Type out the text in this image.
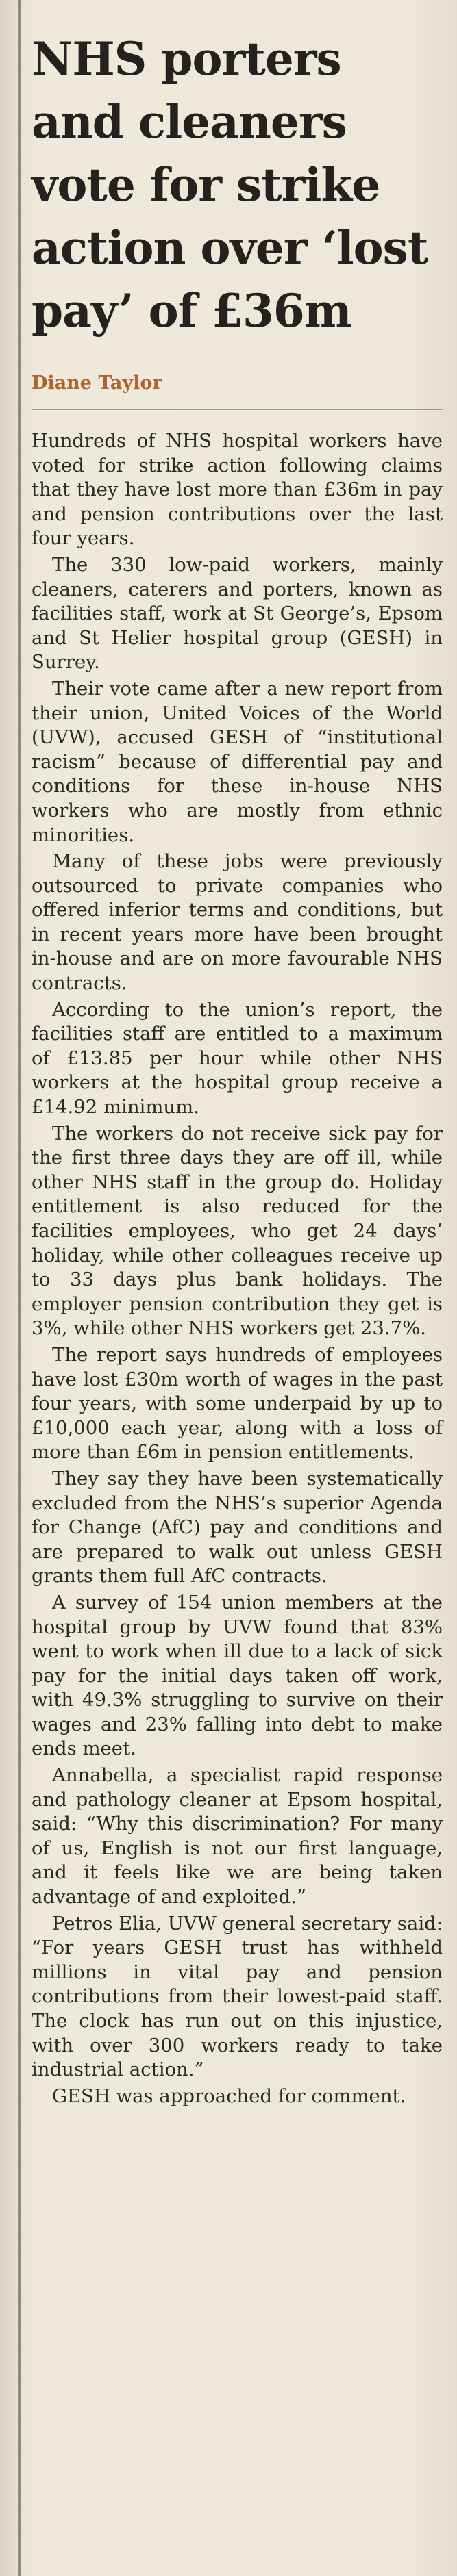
NHS porters and cleaners vote for strike action over ‘lost pay’ of £36m
Diane Taylor

Hundreds of NHS hospital workers have voted for strike action following claims that they have lost more than £36m in pay and pension contributions over the last four years.

The 330 low-paid workers, mainly cleaners, caterers and porters, known as facilities staff, work at St George’s, Epsom and St Helier hospital group (GESH) in Surrey.

Their vote came after a new report from their union, United Voices of the World (UVW), accused GESH of “institutional racism” because of differential pay and conditions for these in-house NHS workers who are mostly from ethnic minorities.

Many of these jobs were previously outsourced to private companies who offered inferior terms and conditions, but in recent years more have been brought in-house and are on more favourable NHS contracts.

According to the union’s report, the facilities staff are entitled to a maximum of £13.85 per hour while other NHS workers at the hospital group receive a £14.92 minimum.

The workers do not receive sick pay for the first three days they are off ill, while other NHS staff in the group do. Holiday entitlement is also reduced for the facilities employees, who get 24 days’ holiday, while other colleagues receive up to 33 days plus bank holidays. The employer pension contribution they get is 3%, while other NHS workers get 23.7%.

The report says hundreds of employees have lost £30m worth of wages in the past four years, with some underpaid by up to £10,000 each year, along with a loss of more than £6m in pension entitlements.

They say they have been systematically excluded from the NHS’s superior Agenda for Change (AfC) pay and conditions and are prepared to walk out unless GESH grants them full AfC contracts.

A survey of 154 union members at the hospital group by UVW found that 83% went to work when ill due to a lack of sick pay for the initial days taken off work, with 49.3% struggling to survive on their wages and 23% falling into debt to make ends meet.

Annabella, a specialist rapid response and pathology cleaner at Epsom hospital, said: “Why this discrimination? For many of us, English is not our first language, and it feels like we are being taken advantage of and exploited.”

Petros Elia, UVW general secretary said: “For years GESH trust has withheld millions in vital pay and pension contributions from their lowest-paid staff. The clock has run out on this injustice, with over 300 workers ready to take industrial action.”

GESH was approached for comment.
